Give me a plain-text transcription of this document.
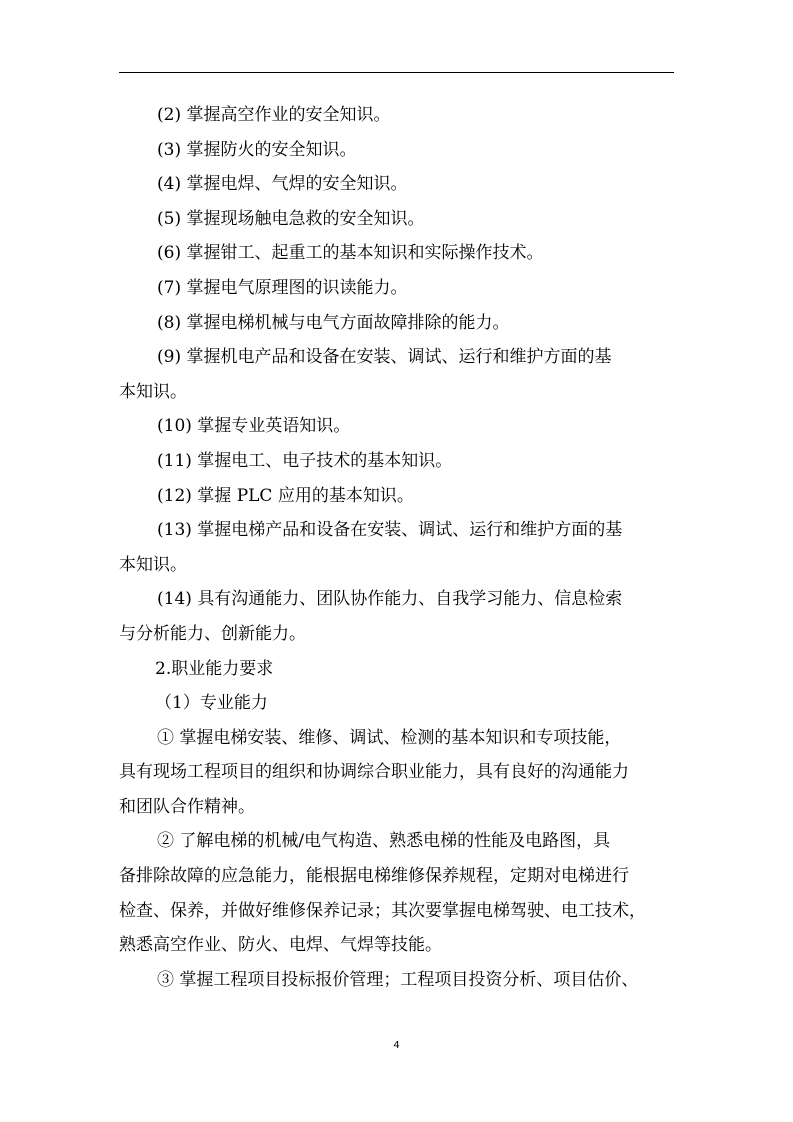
(2) 掌握高空作业的安全知识。
(3) 掌握防火的安全知识。
(4) 掌握电焊、气焊的安全知识。
(5) 掌握现场触电急救的安全知识。
(6) 掌握钳工、起重工的基本知识和实际操作技术。
(7) 掌握电气原理图的识读能力。
(8) 掌握电梯机械与电气方面故障排除的能力。
(9) 掌握机电产品和设备在安装、调试、运行和维护方面的基
本知识。
(10) 掌握专业英语知识。
(11) 掌握电工、电子技术的基本知识。
(12) 掌握 PLC 应用的基本知识。
(13) 掌握电梯产品和设备在安装、调试、运行和维护方面的基
本知识。
(14) 具有沟通能力、团队协作能力、自我学习能力、信息检索
与分析能力、创新能力。
2.职业能力要求
（1）专业能力
① 掌握电梯安装、维修、调试、检测的基本知识和专项技能，
具有现场工程项目的组织和协调综合职业能力，具有良好的沟通能力
和团队合作精神。
② 了解电梯的机械/电气构造、熟悉电梯的性能及电路图，具
备排除故障的应急能力，能根据电梯维修保养规程，定期对电梯进行
检查、保养，并做好维修保养记录；其次要掌握电梯驾驶、电工技术，
熟悉高空作业、防火、电焊、气焊等技能。
③ 掌握工程项目投标报价管理；工程项目投资分析、项目估价、
4
